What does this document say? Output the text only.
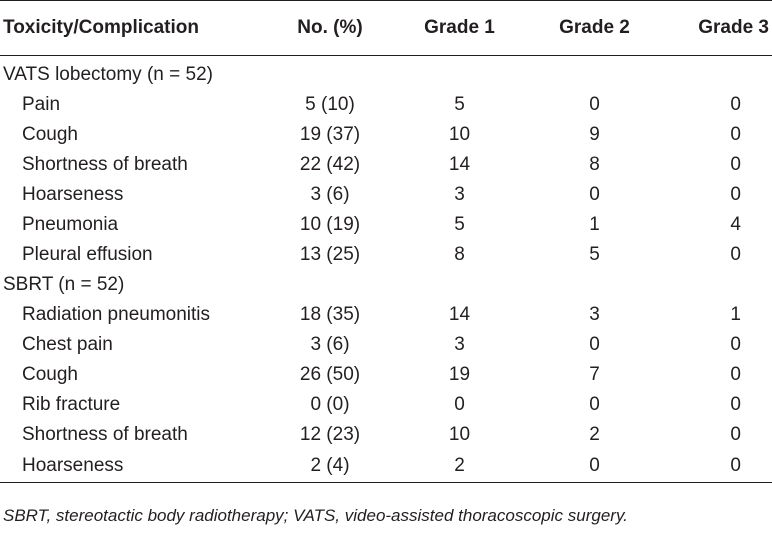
Toxicity/Complication	No. (%)	Grade 1	Grade 2	Grade 3
VATS lobectomy (n = 52)				
Pain	5 (10)	5	0	0
Cough	19 (37)	10	9	0
Shortness of breath	22 (42)	14	8	0
Hoarseness	3 (6)	3	0	0
Pneumonia	10 (19)	5	1	4
Pleural effusion	13 (25)	8	5	0
SBRT (n = 52)				
Radiation pneumonitis	18 (35)	14	3	1
Chest pain	3 (6)	3	0	0
Cough	26 (50)	19	7	0
Rib fracture	0 (0)	0	0	0
Shortness of breath	12 (23)	10	2	0
Hoarseness	2 (4)	2	0	0
SBRT, stereotactic body radiotherapy; VATS, video-assisted thoracoscopic surgery.
